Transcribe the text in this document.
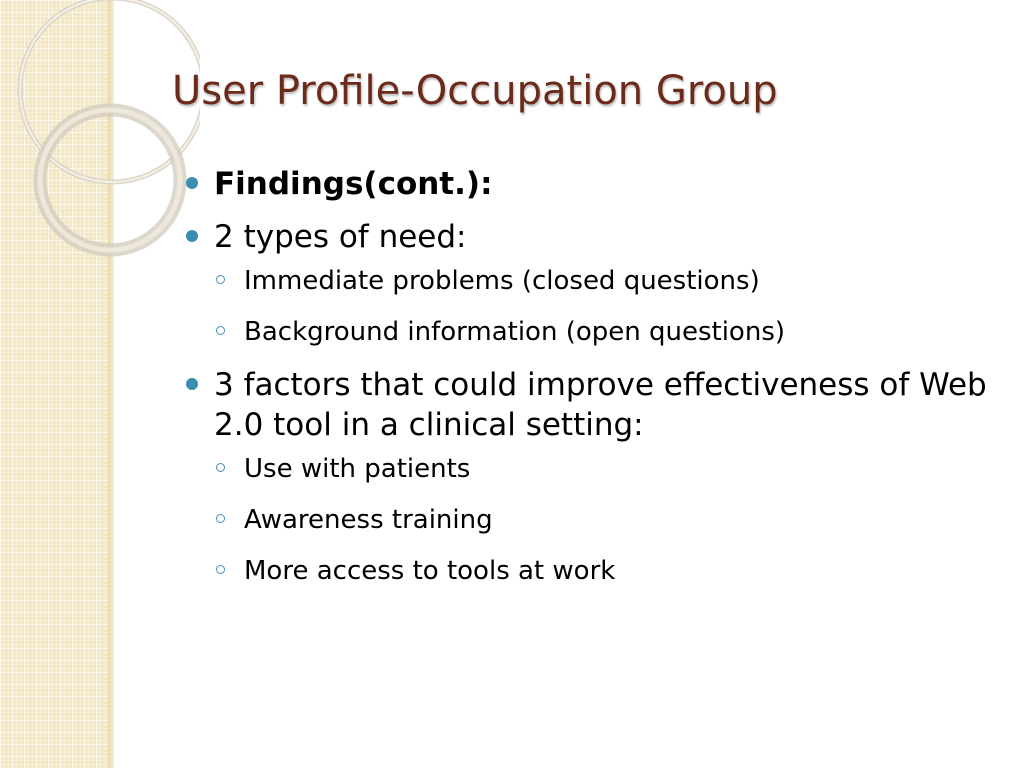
User Profile-Occupation Group
Findings(cont.):
2 types of need:
Immediate problems (closed questions)
Background information (open questions)
3 factors that could improve effectiveness of Web 2.0 tool in a clinical setting:
Use with patients
Awareness training
More access to tools at work
